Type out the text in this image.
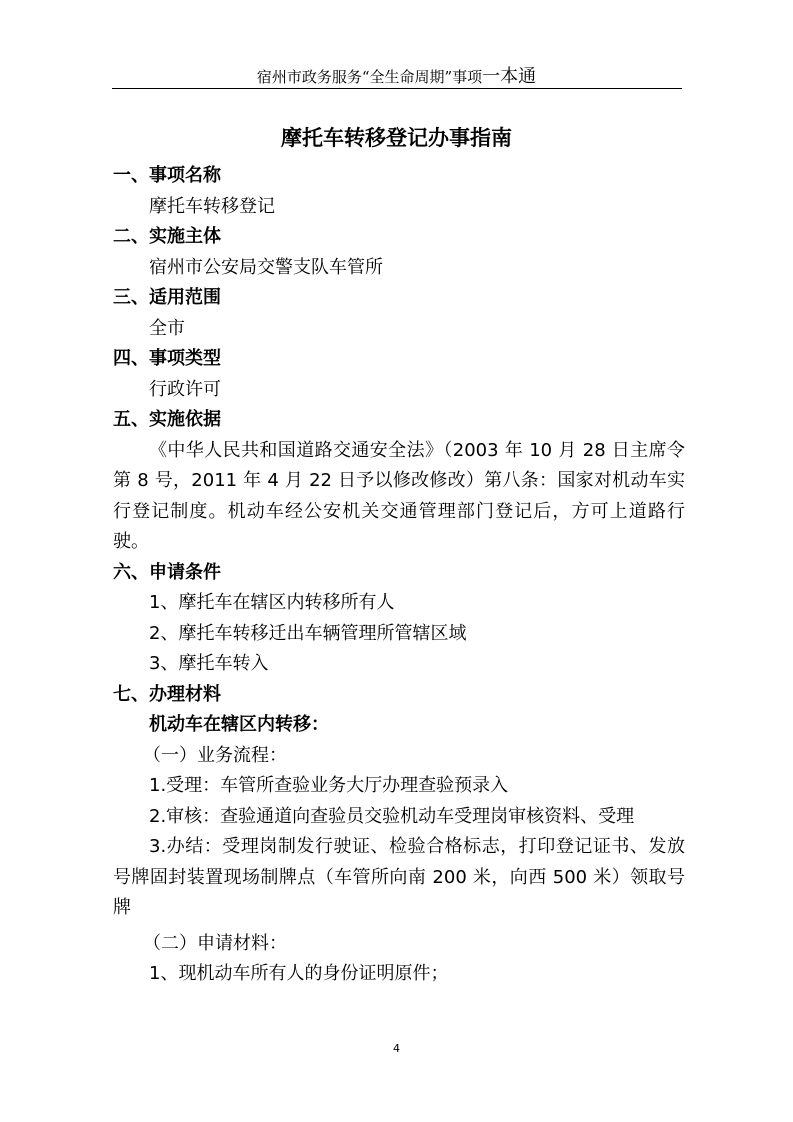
宿州市政务服务“全生命周期”事项一本通
摩托车转移登记办事指南
一、事项名称
摩托车转移登记
二、实施主体
宿州市公安局交警支队车管所
三、适用范围
全市
四、事项类型
行政许可
五、实施依据
《中华人民共和国道路交通安全法》（2003 年 10 月 28 日主席令第 8 号，2011 年 4 月 22 日予以修改修改）第八条：国家对机动车实行登记制度。机动车经公安机关交通管理部门登记后，方可上道路行驶。
六、申请条件
1、摩托车在辖区内转移所有人
2、摩托车转移迁出车辆管理所管辖区域
3、摩托车转入
七、办理材料
机动车在辖区内转移：
（一）业务流程：
1.受理：车管所查验业务大厅办理查验预录入
2.审核：查验通道向查验员交验机动车受理岗审核资料、受理
3.办结：受理岗制发行驶证、检验合格标志，打印登记证书、发放号牌固封装置现场制牌点（车管所向南 200 米，向西 500 米）领取号牌
（二）申请材料：
1、现机动车所有人的身份证明原件；
4
